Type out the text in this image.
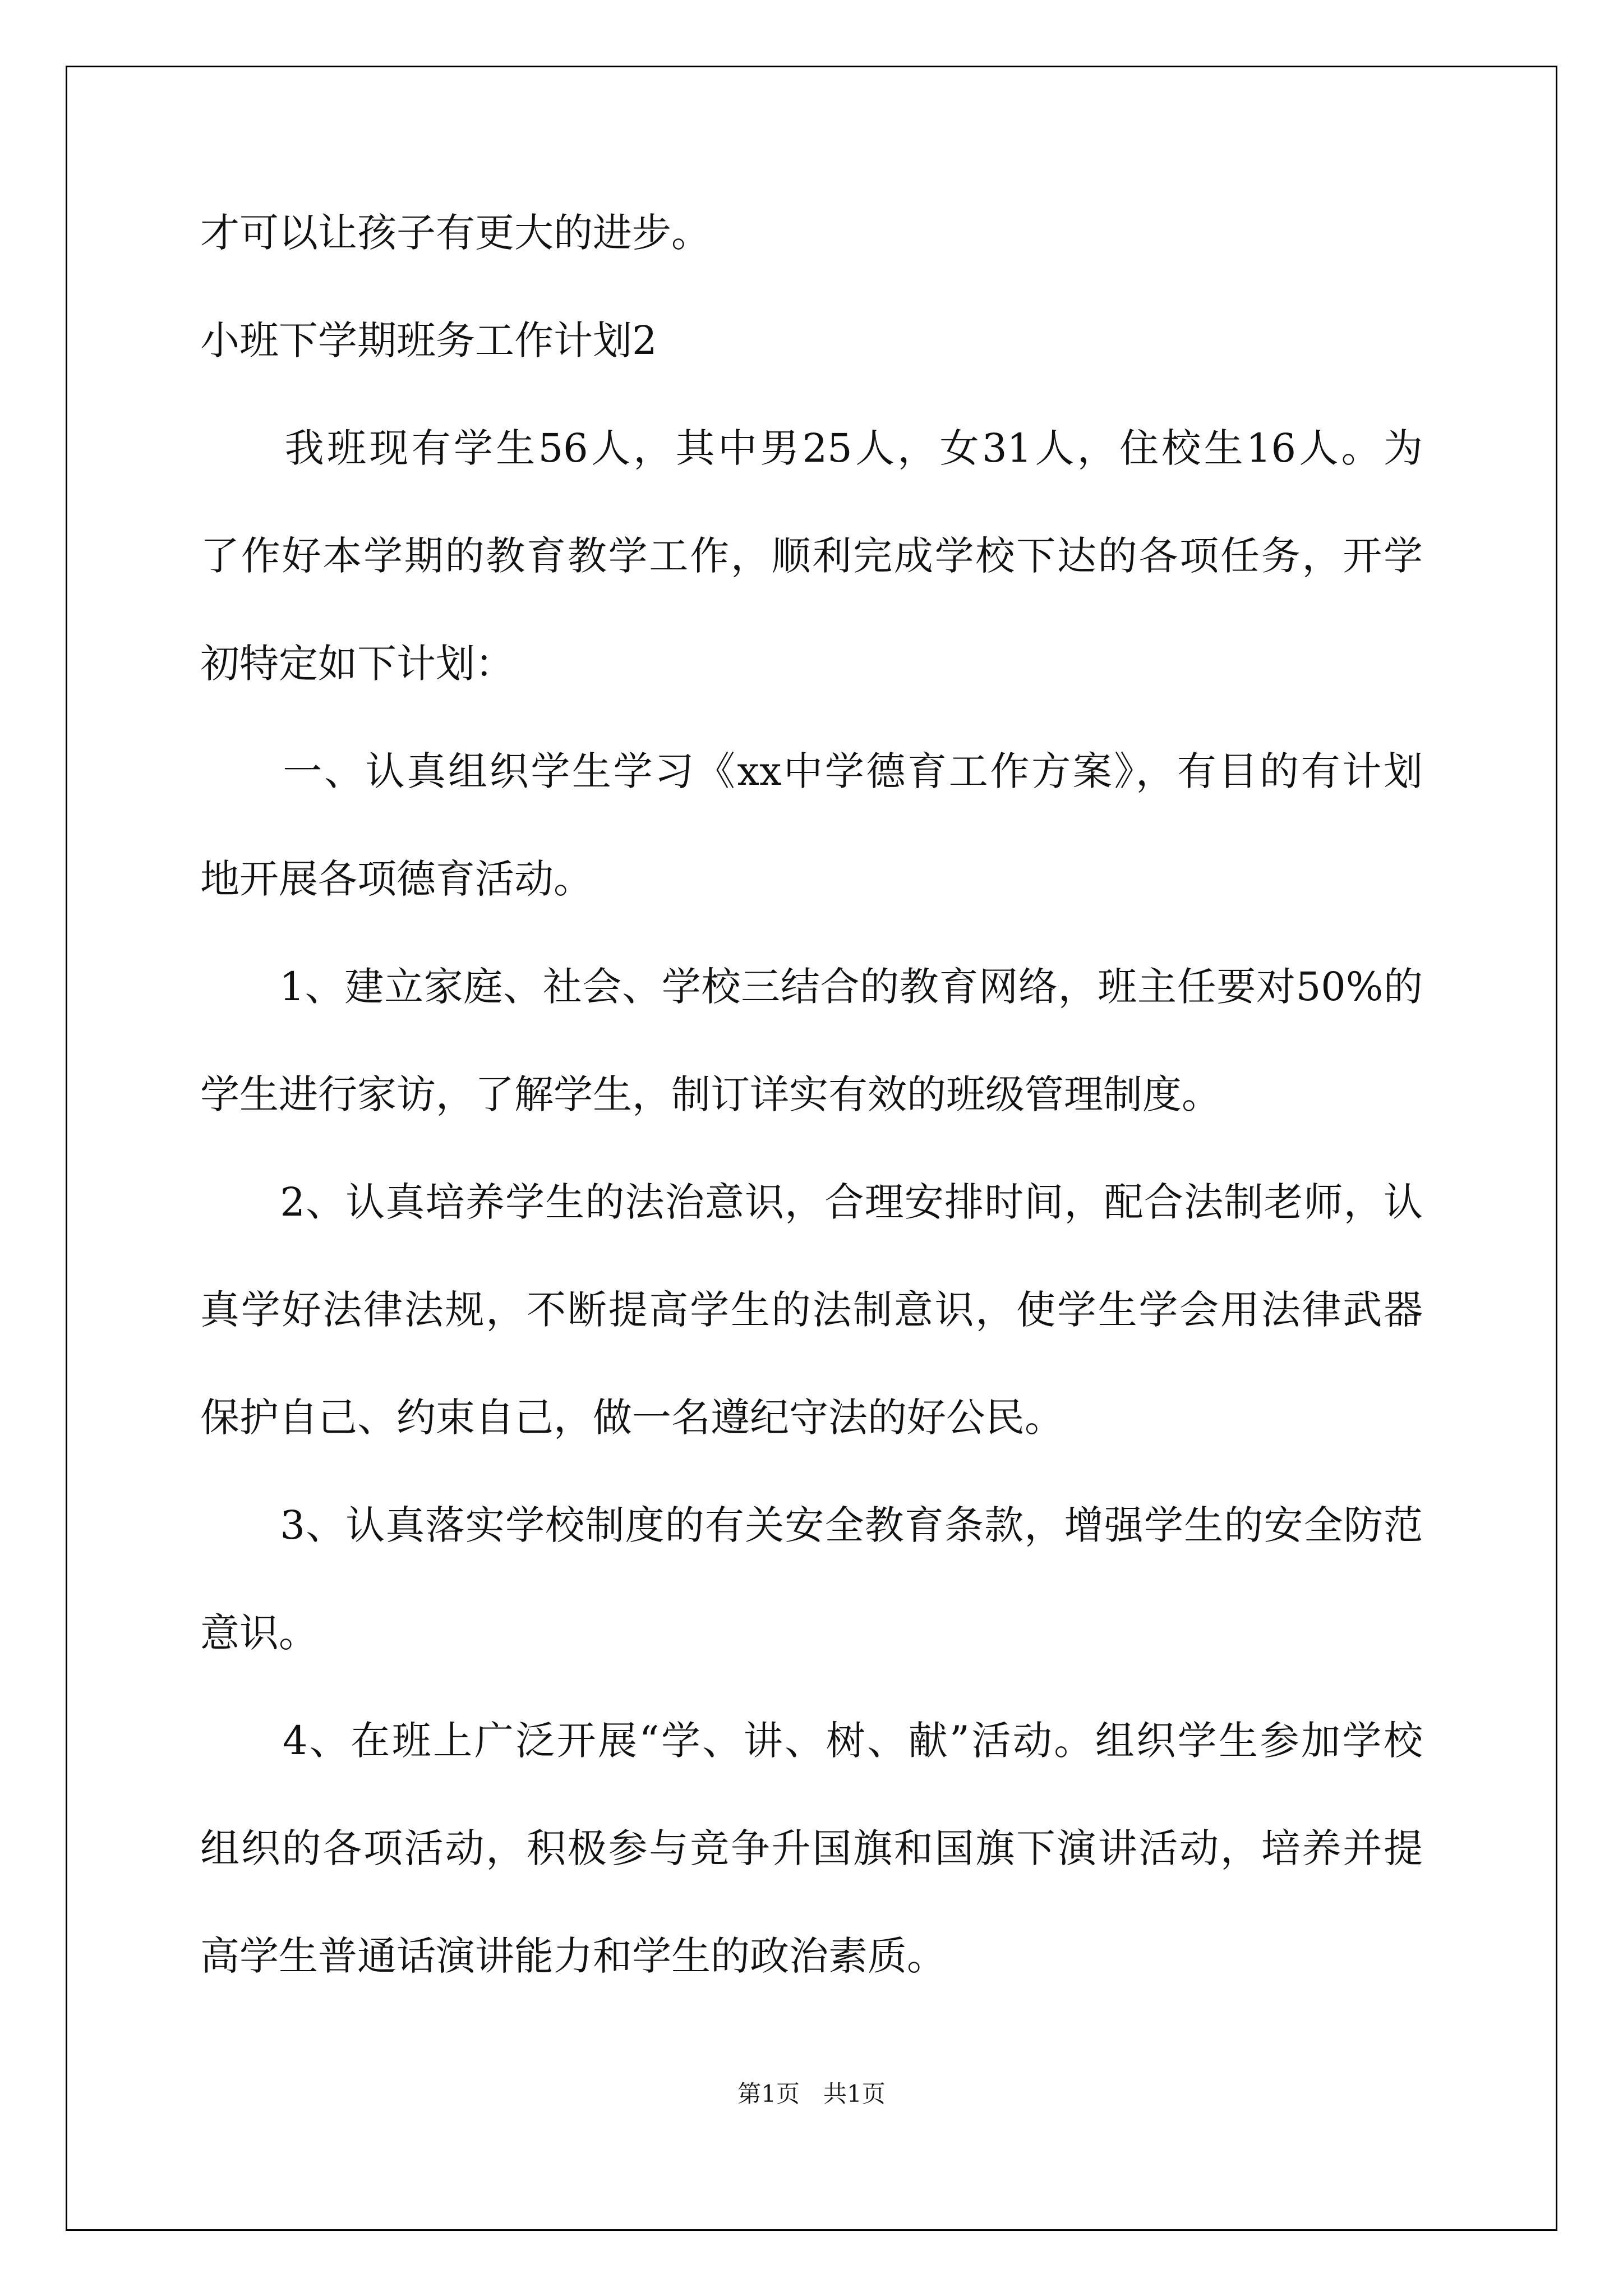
才可以让孩子有更大的进步。
小班下学期班务工作计划2
　　我班现有学生56人，其中男25人，女31人，住校生16人。为
了作好本学期的教育教学工作，顺利完成学校下达的各项任务，开学
初特定如下计划：
　　一、认真组织学生学习《xx中学德育工作方案》，有目的有计划
地开展各项德育活动。
　　1、建立家庭、社会、学校三结合的教育网络，班主任要对50%的
学生进行家访，了解学生，制订详实有效的班级管理制度。
　　2、认真培养学生的法治意识，合理安排时间，配合法制老师，认
真学好法律法规，不断提高学生的法制意识，使学生学会用法律武器
保护自己、约束自己，做一名遵纪守法的好公民。
　　3、认真落实学校制度的有关安全教育条款，增强学生的安全防范
意识。
　　4、在班上广泛开展“学、讲、树、献”活动。组织学生参加学校
组织的各项活动，积极参与竞争升国旗和国旗下演讲活动，培养并提
高学生普通话演讲能力和学生的政治素质。
第1页　共1页
